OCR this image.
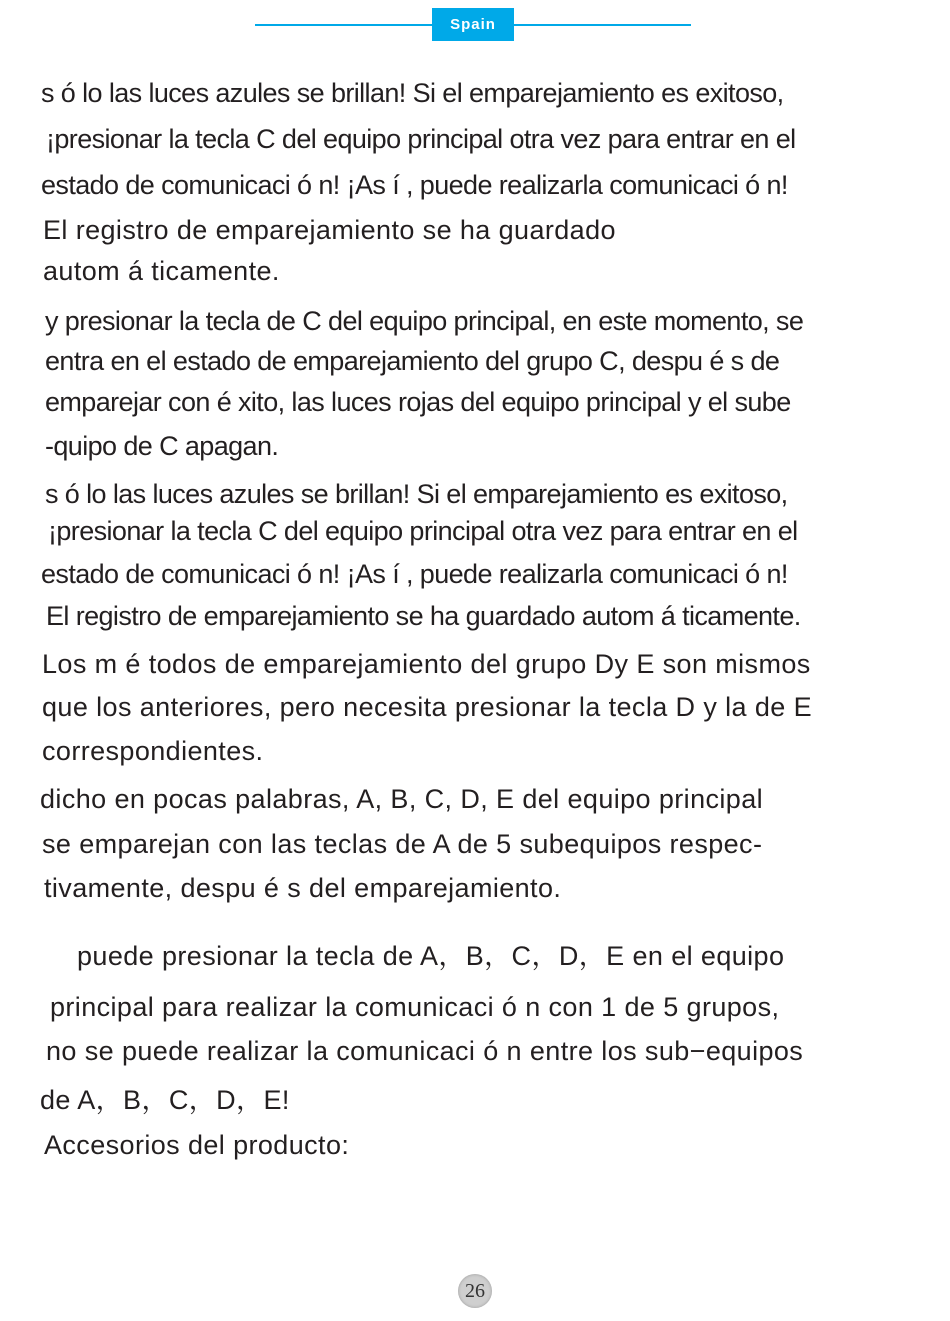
Spain
s ó lo las luces azules se brillan! Si el emparejamiento es exitoso,
¡presionar la tecla C del equipo principal otra vez para entrar en el
estado de comunicaci ó n! ¡As í , puede realizarla comunicaci ó n!
El registro de emparejamiento se ha guardado
autom á ticamente.
y presionar la tecla de C del equipo principal, en este momento, se
entra en el estado de emparejamiento del grupo C, despu é s de
emparejar con é xito, las luces rojas del equipo principal y el sube
-quipo de C apagan.
s ó lo las luces azules se brillan! Si el emparejamiento es exitoso,
¡presionar la tecla C del equipo principal otra vez para entrar en el
estado de comunicaci ó n! ¡As í , puede realizarla comunicaci ó n!
El registro de emparejamiento se ha guardado autom á ticamente.
Los m é todos de emparejamiento del grupo Dy E son mismos
que los anteriores, pero necesita presionar la tecla D y la de E
correspondientes.
dicho en pocas palabras, A, B, C, D, E del equipo principal
se emparejan con las teclas de A de 5 subequipos respec-
tivamente, despu é s del emparejamiento.
puede presionar la tecla de A，B，C，D，E en el equipo
principal para realizar la comunicaci ó n con 1 de 5 grupos,
no se puede realizar la comunicaci ó n entre los sub−equipos
de A，B，C，D，E!
Accesorios del producto:
26
